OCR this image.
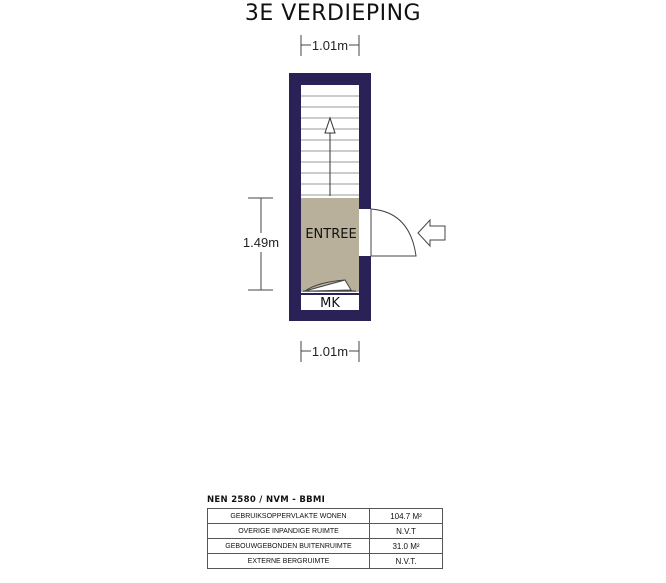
3E VERDIEPING
1.01m
ENTREE
MK
1.49m
1.01m
NEN 2580 / NVM - BBMI
GEBRUIKSOPPERVLAKTE WONEN	104.7 M²
OVERIGE INPANDIGE RUIMTE	N.V.T
GEBOUWGEBONDEN BUITENRUIMTE	31.0 M²
EXTERNE BERGRUIMTE	N.V.T.
